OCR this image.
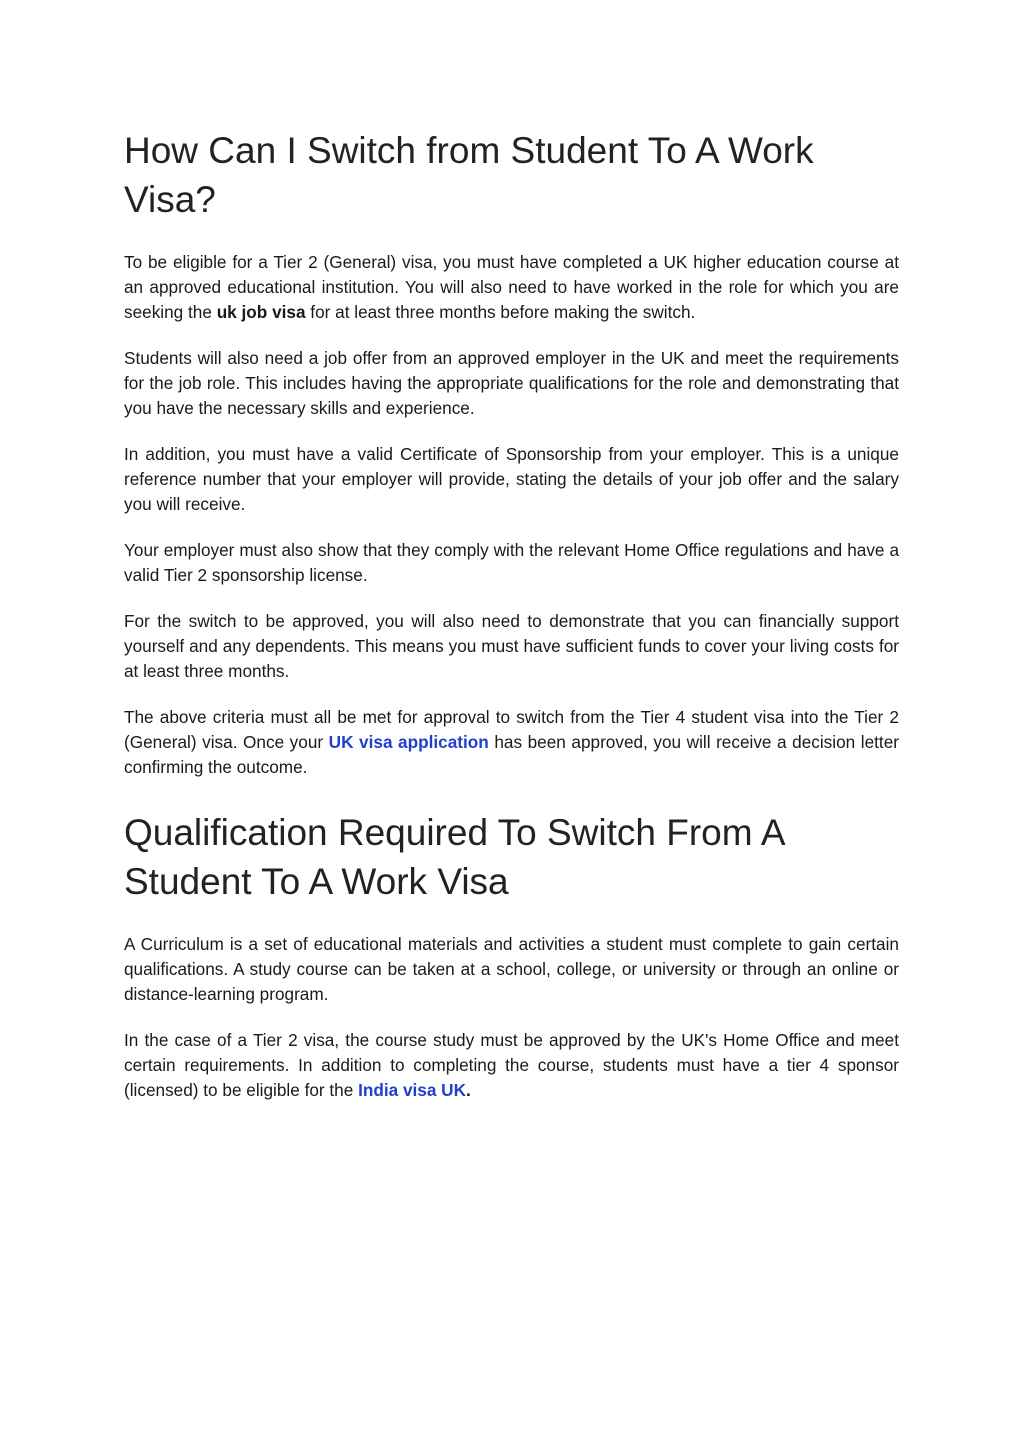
How Can I Switch from Student To A Work Visa?

To be eligible for a Tier 2 (General) visa, you must have completed a UK higher education course at an approved educational institution. You will also need to have worked in the role for which you are seeking the uk job visa for at least three months before making the switch.

Students will also need a job offer from an approved employer in the UK and meet the requirements for the job role. This includes having the appropriate qualifications for the role and demonstrating that you have the necessary skills and experience.

In addition, you must have a valid Certificate of Sponsorship from your employer. This is a unique reference number that your employer will provide, stating the details of your job offer and the salary you will receive.

Your employer must also show that they comply with the relevant Home Office regulations and have a valid Tier 2 sponsorship license.

For the switch to be approved, you will also need to demonstrate that you can financially support yourself and any dependents. This means you must have sufficient funds to cover your living costs for at least three months.

The above criteria must all be met for approval to switch from the Tier 4 student visa into the Tier 2 (General) visa. Once your UK visa application has been approved, you will receive a decision letter confirming the outcome.

Qualification Required To Switch From A Student To A Work Visa

A Curriculum is a set of educational materials and activities a student must complete to gain certain qualifications. A study course can be taken at a school, college, or university or through an online or distance-learning program.

In the case of a Tier 2 visa, the course study must be approved by the UK's Home Office and meet certain requirements. In addition to completing the course, students must have a tier 4 sponsor (licensed) to be eligible for the India visa UK.
